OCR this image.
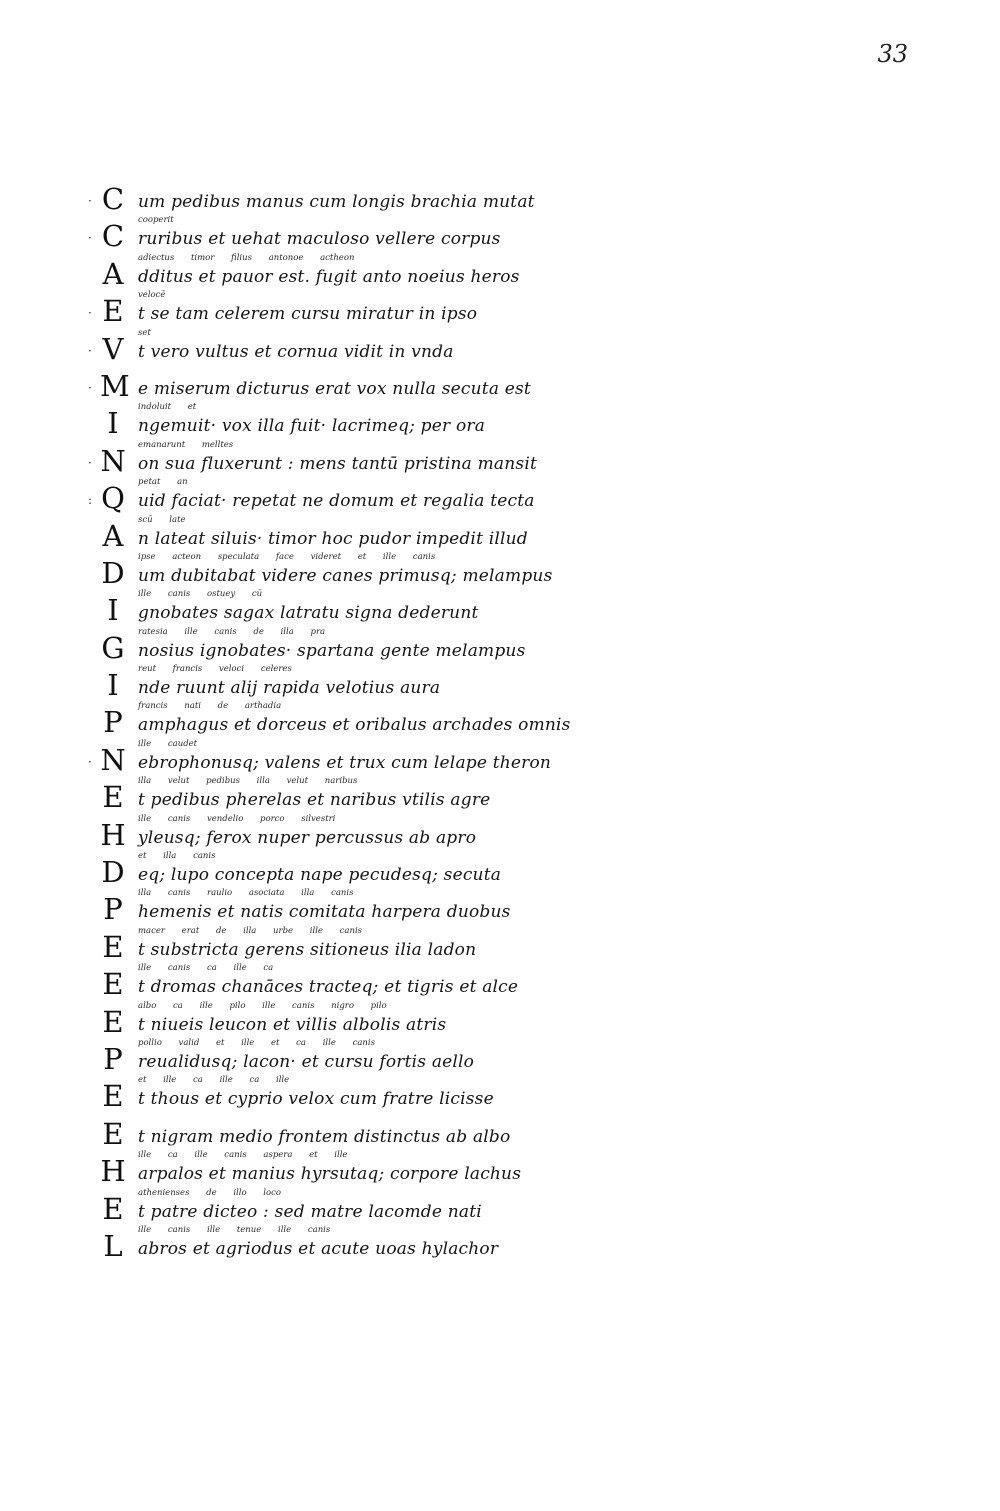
33
· C um pedibus manus cum longis brachia mutat
cooperit
· C ruribus et uehat maculoso vellere corpus
adiectus timor filius antonoe actheon
A dditus et pauor est. fugit anto noeius heros
velocē
· E t se tam celerem cursu miratur in ipso
set
· V t vero vultus et cornua vidit in vnda
· M e miserum dicturus erat vox nulla secuta est
indoluit et
I	ngemuit· vox illa fuit· lacrimeq; per ora
emanarunt melltes
· N on sua fluxerunt : mens tantū pristina mansit
petat an
: Q uid faciat· repetat ne domum et regalia tecta
scū late
A n lateat siluis· timor hoc pudor impedit illud
ipse acteon speculata face videret et ille canis
D um dubitabat videre canes primusq; melampus
ille canis ostuey cū
I	gnobates sagax latratu signa dederunt
ratesia ille canis de illa pra
G nosius ignobates· spartana gente melampus
reut francis veloci celeres
I	nde ruunt alij rapida velotius aura
francis nati de arthadia
P amphagus et dorceus et oribalus archades omnis
ille caudet
· N ebrophonusq; valens et trux cum lelape theron
illa velut pedibus illa velut naribus
E t pedibus pherelas et naribus vtilis agre
ille canis vendelio porco silvestri
H yleusq; ferox nuper percussus ab apro
et illa canis
D eq; lupo concepta nape pecudesq; secuta
illa canis raulio asociata illa canis
P hemenis et natis comitata harpera duobus
macer erat de illa urbe ille canis
E t substricta gerens sitioneus ilia ladon
ille canis ca ille ca
E t dromas chanāces tracteq; et tigris et alce
albo ca ille pilo ille canis nigro pilo
E t niueis leucon et villis albolis atris
pollio valid et ille et ca ille canis
P reualidusq; lacon· et cursu fortis aello
et ille ca ille ca ille
E t thous et cyprio velox cum fratre licisse
E t nigram medio frontem distinctus ab albo
ille ca ille canis aspera et ille
H arpalos et manius hyrsutaq; corpore lachus
athenienses de illo loco
E t patre dicteo : sed matre lacomde nati
ille canis ille tenue ille canis
L abros et agriodus et acute uoas hylachor
